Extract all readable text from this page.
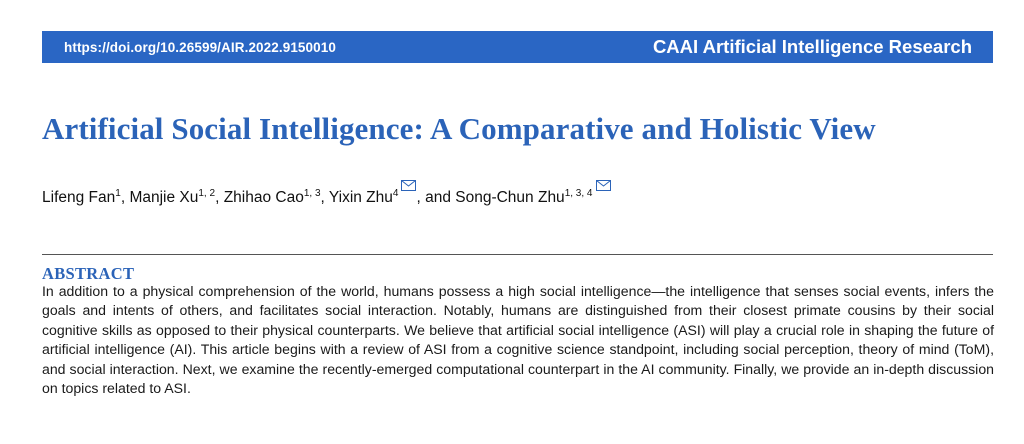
https://doi.org/10.26599/AIR.2022.9150010	CAAI Artificial Intelligence Research
Artificial Social Intelligence: A Comparative and Holistic View
Lifeng Fan$^1$, Manjie Xu$^{1, 2}$, Zhihao Cao$^{1, 3}$, Yixin Zhu$^4$ , and Song-Chun Zhu$^{1, 3, 4}$
ABSTRACT
In addition to a physical comprehension of the world, humans possess a high social intelligence—the intelligence that senses social events, infers the goals and intents of others, and facilitates social interaction. Notably, humans are distinguished from their closest primate cousins by their social cognitive skills as opposed to their physical counterparts. We believe that artificial social intelligence (ASI) will play a crucial role in shaping the future of artificial intelligence (AI). This article begins with a review of ASI from a cognitive science standpoint, including social perception, theory of mind (ToM), and social interaction. Next, we examine the recently-emerged computational counterpart in the AI community. Finally, we provide an in-depth discussion on topics related to ASI.
